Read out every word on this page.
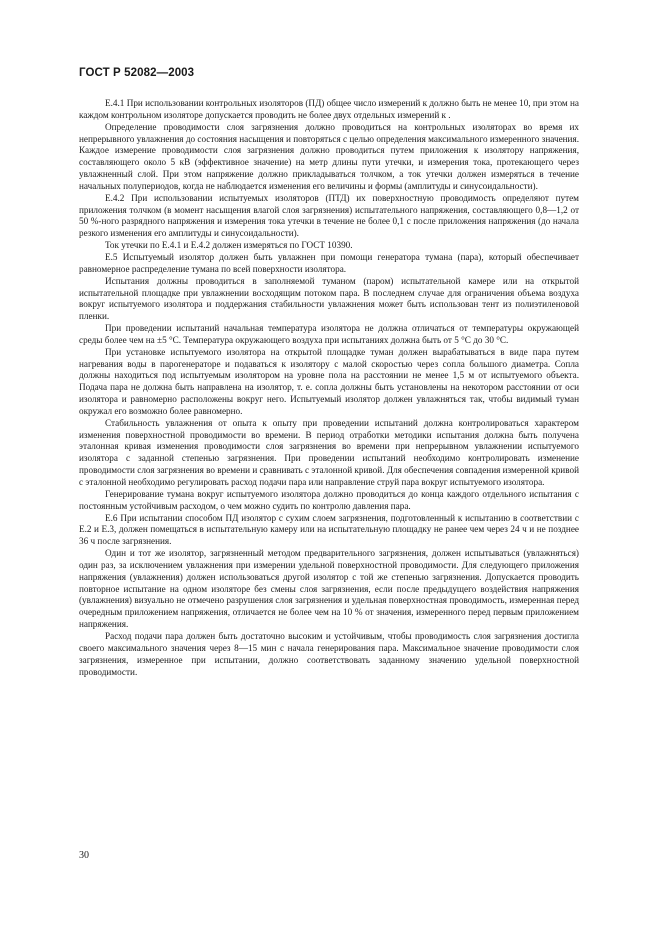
ГОСТ Р 52082—2003

Е.4.1 При использовании контрольных изоляторов (ПД) общее число измерений к должно быть не менее 10, при этом на каждом контрольном изоляторе допускается проводить не более двух отдельных измерений к .

Определение проводимости слоя загрязнения должно проводиться на контрольных изоляторах во время их непрерывного увлажнения до состояния насыщения и повторяться с целью определения максимального измеренного значения. Каждое измерение проводимости слоя загрязнения должно проводиться путем приложения к изолятору напряжения, составляющего около 5 кВ (эффективное значение) на метр длины пути утечки, и измерения тока, протекающего через увлажненный слой. При этом напряжение должно прикладываться толчком, а ток утечки должен измеряться в течение начальных полупериодов, когда не наблюдается изменения его величины и формы (амплитуды и синусоидальности).

Е.4.2 При использовании испытуемых изоляторов (ПТД) их поверхностную проводимость определяют путем приложения толчком (в момент насыщения влагой слоя загрязнения) испытательного напряжения, составляющего 0,8—1,2 от 50 %-ного разрядного напряжения и измерения тока утечки в течение не более 0,1 с после приложения напряжения (до начала резкого изменения его амплитуды и синусоидальности).

Ток утечки по Е.4.1 и Е.4.2 должен измеряться по ГОСТ 10390.

Е.5 Испытуемый изолятор должен быть увлажнен при помощи генератора тумана (пара), который обеспечивает равномерное распределение тумана по всей поверхности изолятора.

Испытания должны проводиться в заполняемой туманом (паром) испытательной камере или на открытой испытательной площадке при увлажнении восходящим потоком пара. В последнем случае для ограничения объема воздуха вокруг испытуемого изолятора и поддержания стабильности увлажнения может быть использован тент из полиэтиленовой пленки.

При проведении испытаний начальная температура изолятора не должна отличаться от температуры окружающей среды более чем на ±5 °С. Температура окружающего воздуха при испытаниях должна быть от 5 °С до 30 °С.

При установке испытуемого изолятора на открытой площадке туман должен вырабатываться в виде пара путем нагревания воды в парогенераторе и подаваться к изолятору с малой скоростью через сопла большого диаметра. Сопла должны находиться под испытуемым изолятором на уровне пола на расстоянии не менее 1,5 м от испытуемого объекта. Подача пара не должна быть направлена на изолятор, т. е. сопла должны быть установлены на некотором расстоянии от оси изолятора и равномерно расположены вокруг него. Испытуемый изолятор должен увлажняться так, чтобы видимый туман окружал его возможно более равномерно.

Стабильность увлажнения от опыта к опыту при проведении испытаний должна контролироваться характером изменения поверхностной проводимости во времени. В период отработки методики испытания должна быть получена эталонная кривая изменения проводимости слоя загрязнения во времени при непрерывном увлажнении испытуемого изолятора с заданной степенью загрязнения. При проведении испытаний необходимо контролировать изменение проводимости слоя загрязнения во времени и сравнивать с эталонной кривой. Для обеспечения совпадения измеренной кривой с эталонной необходимо регулировать расход подачи пара или направление струй пара вокруг испытуемого изолятора.

Генерирование тумана вокруг испытуемого изолятора должно проводиться до конца каждого отдельного испытания с постоянным устойчивым расходом, о чем можно судить по контролю давления пара.

Е.6 При испытании способом ПД изолятор с сухим слоем загрязнения, подготовленный к испытанию в соответствии с Е.2 и Е.3, должен помещаться в испытательную камеру или на испытательную площадку не ранее чем через 24 ч и не позднее 36 ч после загрязнения.

Один и тот же изолятор, загрязненный методом предварительного загрязнения, должен испытываться (увлажняться) один раз, за исключением увлажнения при измерении удельной поверхностной проводимости. Для следующего приложения напряжения (увлажнения) должен использоваться другой изолятор с той же степенью загрязнения. Допускается проводить повторное испытание на одном изоляторе без смены слоя загрязнения, если после предыдущего воздействия напряжения (увлажнения) визуально не отмечено разрушения слоя загрязнения и удельная поверхностная проводимость, измеренная перед очередным приложением напряжения, отличается не более чем на 10 % от значения, измеренного перед первым приложением напряжения.

Расход подачи пара должен быть достаточно высоким и устойчивым, чтобы проводимость слоя загрязнения достигла своего максимального значения через 8—15 мин с начала генерирования пара. Максимальное значение проводимости слоя загрязнения, измеренное при испытании, должно соответствовать заданному значению удельной поверхностной проводимости.

30
